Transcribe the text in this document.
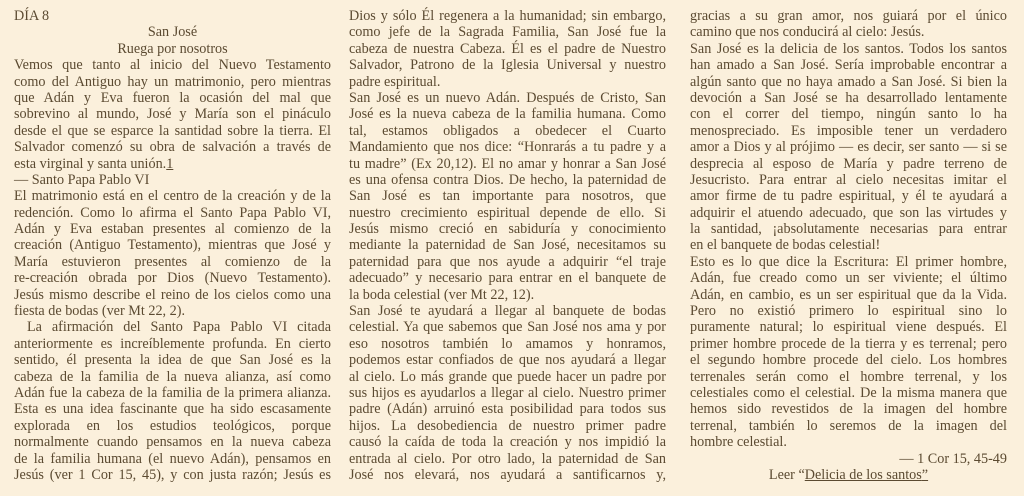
DÍA 8
San José
Ruega por nosotros
Vemos que tanto al inicio del Nuevo Testamento
como del Antiguo hay un matrimonio, pero mientras
que Adán y Eva fueron la ocasión del mal que
sobrevino al mundo, José y María son el pináculo
desde el que se esparce la santidad sobre la tierra. El
Salvador comenzó su obra de salvación a través de
esta virginal y santa unión.1
— Santo Papa Pablo VI
El matrimonio está en el centro de la creación y de la
redención. Como lo afirma el Santo Papa Pablo VI,
Adán y Eva estaban presentes al comienzo de la
creación (Antiguo Testamento), mientras que José y
María estuvieron presentes al comienzo de la
re-creación obrada por Dios (Nuevo Testamento).
Jesús mismo describe el reino de los cielos como una
fiesta de bodas (ver Mt 22, 2).
La afirmación del Santo Papa Pablo VI citada
anteriormente es increíblemente profunda. En cierto
sentido, él presenta la idea de que San José es la
cabeza de la familia de la nueva alianza, así como
Adán fue la cabeza de la familia de la primera alianza.
Esta es una idea fascinante que ha sido escasamente
explorada en los estudios teológicos, porque
normalmente cuando pensamos en la nueva cabeza
de la familia humana (el nuevo Adán), pensamos en
Jesús (ver 1 Cor 15, 45), y con justa razón; Jesús es
Dios y sólo Él regenera a la humanidad; sin embargo,
como jefe de la Sagrada Familia, San José fue la
cabeza de nuestra Cabeza. Él es el padre de Nuestro
Salvador, Patrono de la Iglesia Universal y nuestro
padre espiritual.
San José es un nuevo Adán. Después de Cristo, San
José es la nueva cabeza de la familia humana. Como
tal, estamos obligados a obedecer el Cuarto
Mandamiento que nos dice: “Honrarás a tu padre y a
tu madre” (Ex 20,12). El no amar y honrar a San José
es una ofensa contra Dios. De hecho, la paternidad de
San José es tan importante para nosotros, que
nuestro crecimiento espiritual depende de ello. Si
Jesús mismo creció en sabiduría y conocimiento
mediante la paternidad de San José, necesitamos su
paternidad para que nos ayude a adquirir “el traje
adecuado” y necesario para entrar en el banquete de
la boda celestial (ver Mt 22, 12).
San José te ayudará a llegar al banquete de bodas
celestial. Ya que sabemos que San José nos ama y por
eso nosotros también lo amamos y honramos,
podemos estar confiados de que nos ayudará a llegar
al cielo. Lo más grande que puede hacer un padre por
sus hijos es ayudarlos a llegar al cielo. Nuestro primer
padre (Adán) arruinó esta posibilidad para todos sus
hijos. La desobediencia de nuestro primer padre
causó la caída de toda la creación y nos impidió la
entrada al cielo. Por otro lado, la paternidad de San
José nos elevará, nos ayudará a santificarnos y,
gracias a su gran amor, nos guiará por el único
camino que nos conducirá al cielo: Jesús.
San José es la delicia de los santos. Todos los santos
han amado a San José. Sería improbable encontrar a
algún santo que no haya amado a San José. Si bien la
devoción a San José se ha desarrollado lentamente
con el correr del tiempo, ningún santo lo ha
menospreciado. Es imposible tener un verdadero
amor a Dios y al prójimo — es decir, ser santo — si se
desprecia al esposo de María y padre terreno de
Jesucristo. Para entrar al cielo necesitas imitar el
amor firme de tu padre espiritual, y él te ayudará a
adquirir el atuendo adecuado, que son las virtudes y
la santidad, ¡absolutamente necesarias para entrar
en el banquete de bodas celestial!
Esto es lo que dice la Escritura: El primer hombre,
Adán, fue creado como un ser viviente; el último
Adán, en cambio, es un ser espiritual que da la Vida.
Pero no existió primero lo espiritual sino lo
puramente natural; lo espiritual viene después. El
primer hombre procede de la tierra y es terrenal; pero
el segundo hombre procede del cielo. Los hombres
terrenales serán como el hombre terrenal, y los
celestiales como el celestial. De la misma manera que
hemos sido revestidos de la imagen del hombre
terrenal, también lo seremos de la imagen del
hombre celestial.
— 1 Cor 15, 45-49
Leer “Delicia de los santos”
